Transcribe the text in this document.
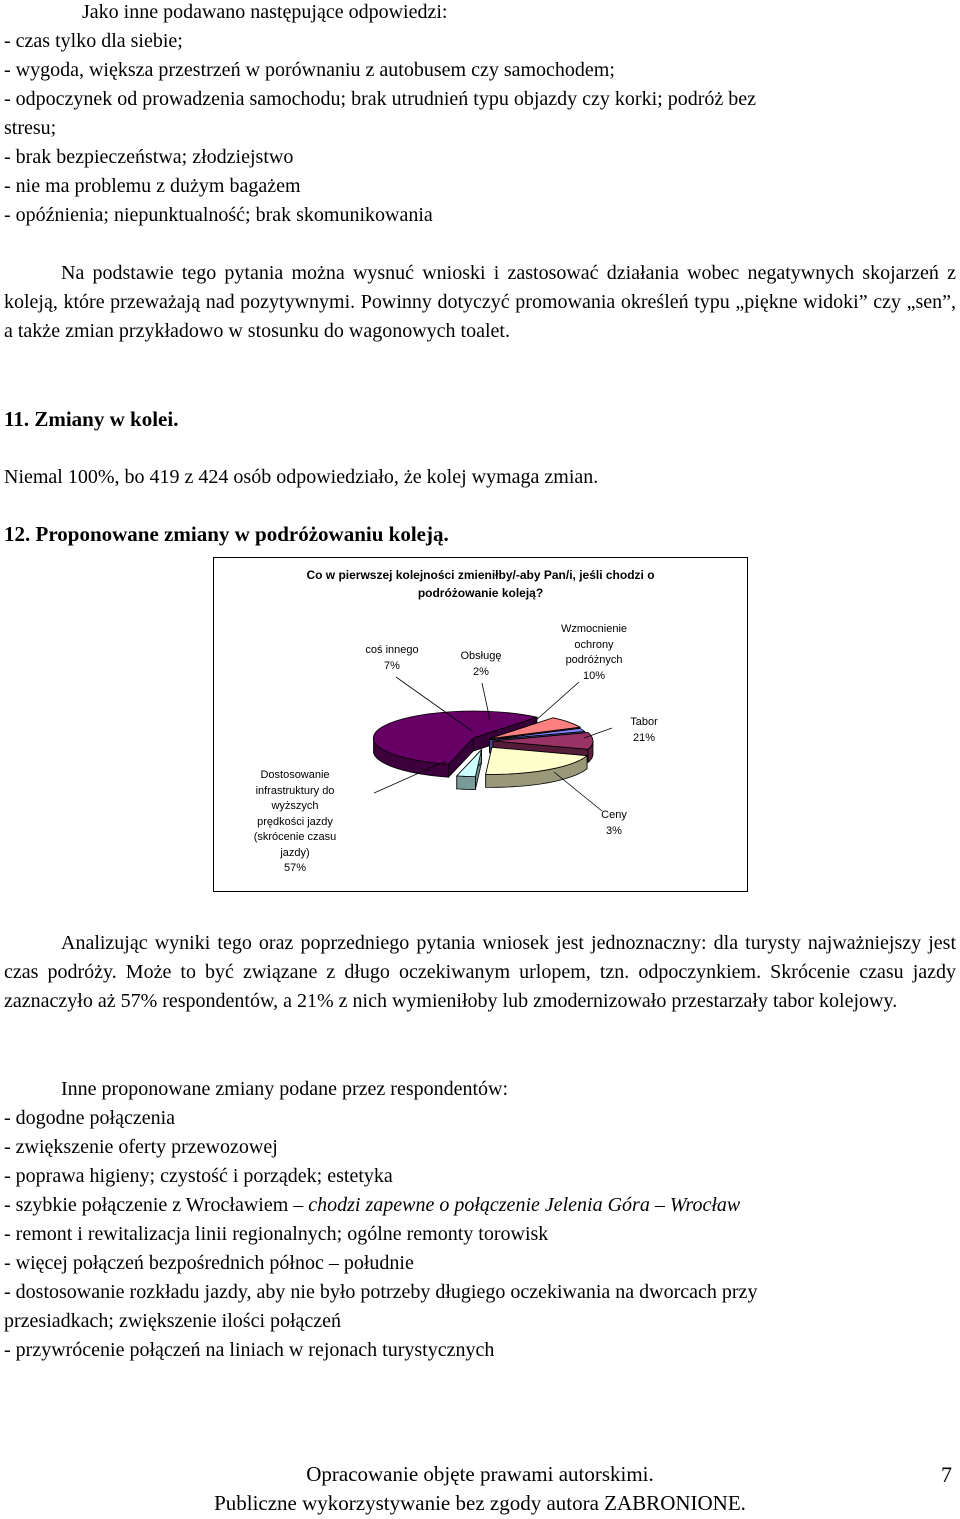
Jako inne podawano następujące odpowiedzi:
- czas tylko dla siebie;
- wygoda, większa przestrzeń w porównaniu z autobusem czy samochodem;
- odpoczynek od prowadzenia samochodu; brak utrudnień typu objazdy czy korki; podróż bez
stresu;
- brak bezpieczeństwa; złodziejstwo
- nie ma problemu z dużym bagażem
- opóźnienia; niepunktualność; brak skomunikowania

Na podstawie tego pytania można wysnuć wnioski i zastosować działania wobec negatywnych skojarzeń z koleją, które przeważają nad pozytywnymi. Powinny dotyczyć promowania określeń typu „piękne widoki” czy „sen”, a także zmian przykładowo w stosunku do wagonowych toalet.

11. Zmiany w kolei.

Niemal 100%, bo 419 z 424 osób odpowiedziało, że kolej wymaga zmian.

12. Proponowane zmiany w podróżowaniu koleją.

Co w pierwszej kolejności zmieniłby/-aby Pan/i, jeśli chodzi o
podróżowanie koleją?
Dostosowanie
infrastruktury do
wyższych
prędkości jazdy
(skrócenie czasu
jazdy)
57%
coś innego
7%
Obsługę
2%
Wzmocnienie
ochrony
podróżnych
10%
Tabor
21%
Ceny
3%

Analizując wyniki tego oraz poprzedniego pytania wniosek jest jednoznaczny: dla turysty najważniejszy jest czas podróży. Może to być związane z długo oczekiwanym urlopem, tzn. odpoczynkiem. Skrócenie czasu jazdy zaznaczyło aż 57% respondentów, a 21% z nich wymieniłoby lub zmodernizowało przestarzały tabor kolejowy.

Inne proponowane zmiany podane przez respondentów:
- dogodne połączenia
- zwiększenie oferty przewozowej
- poprawa higieny; czystość i porządek; estetyka
- szybkie połączenie z Wrocławiem – chodzi zapewne o połączenie Jelenia Góra – Wrocław
- remont i rewitalizacja linii regionalnych; ogólne remonty torowisk
- więcej połączeń bezpośrednich północ – południe
- dostosowanie rozkładu jazdy, aby nie było potrzeby długiego oczekiwania na dworcach przy
przesiadkach; zwiększenie ilości połączeń
- przywrócenie połączeń na liniach w rejonach turystycznych
Opracowanie objęte prawami autorskimi.
Publiczne wykorzystywanie bez zgody autora ZABRONIONE.
7
